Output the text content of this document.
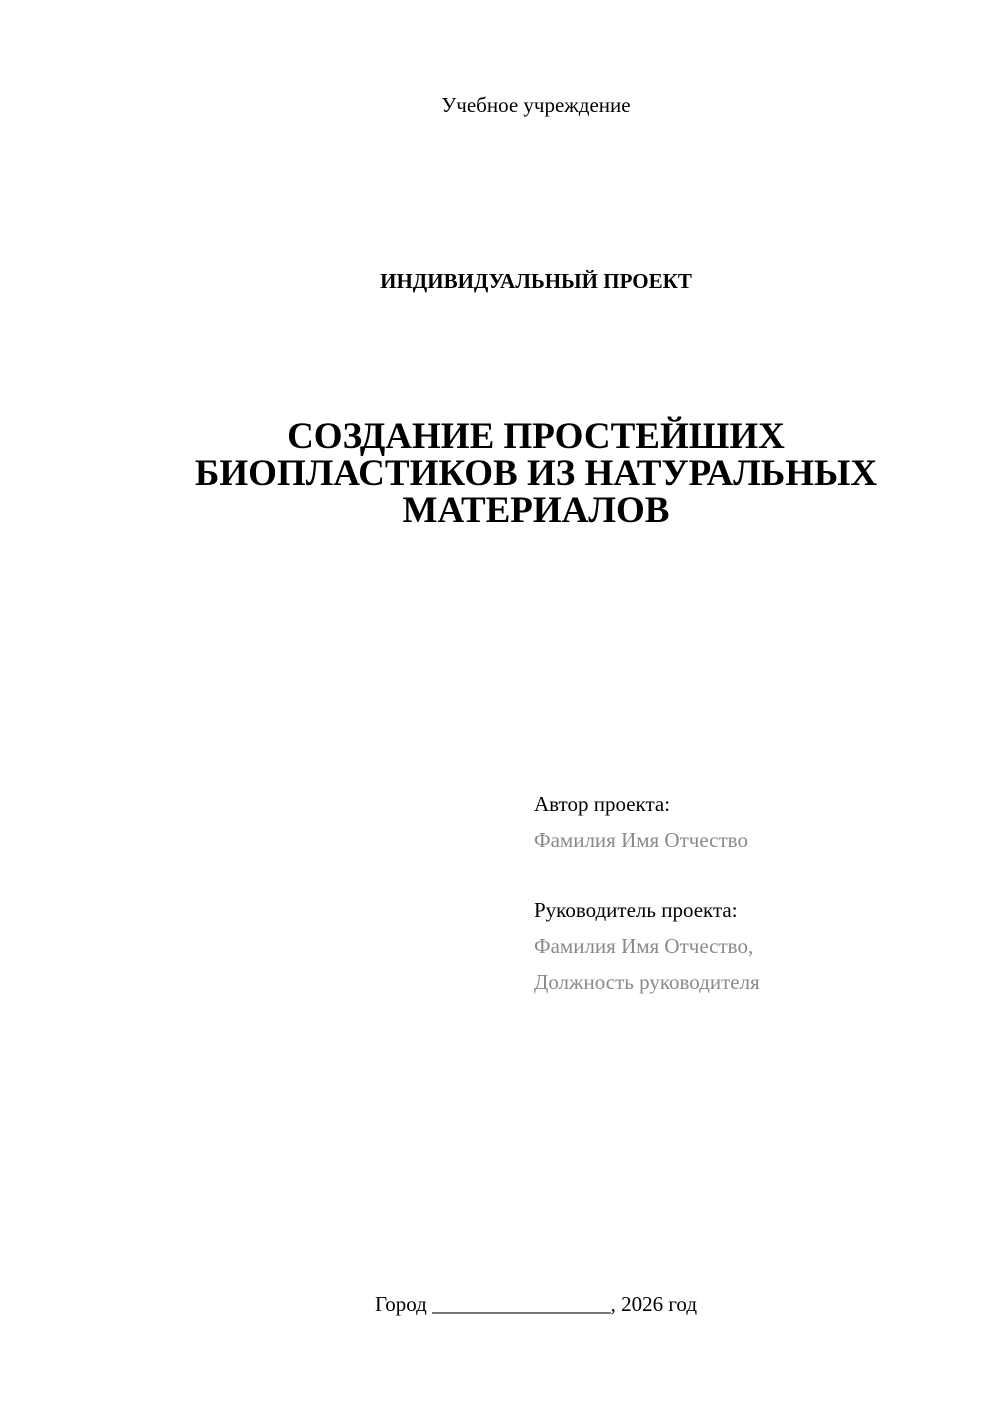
Учебное учреждение
ИНДИВИДУАЛЬНЫЙ ПРОЕКТ
СОЗДАНИЕ ПРОСТЕЙШИХ
БИОПЛАСТИКОВ ИЗ НАТУРАЛЬНЫХ
МАТЕРИАЛОВ
Автор проекта:
Фамилия Имя Отчество
Руководитель проекта:
Фамилия Имя Отчество,
Должность руководителя
Город _________________, 2026 год
